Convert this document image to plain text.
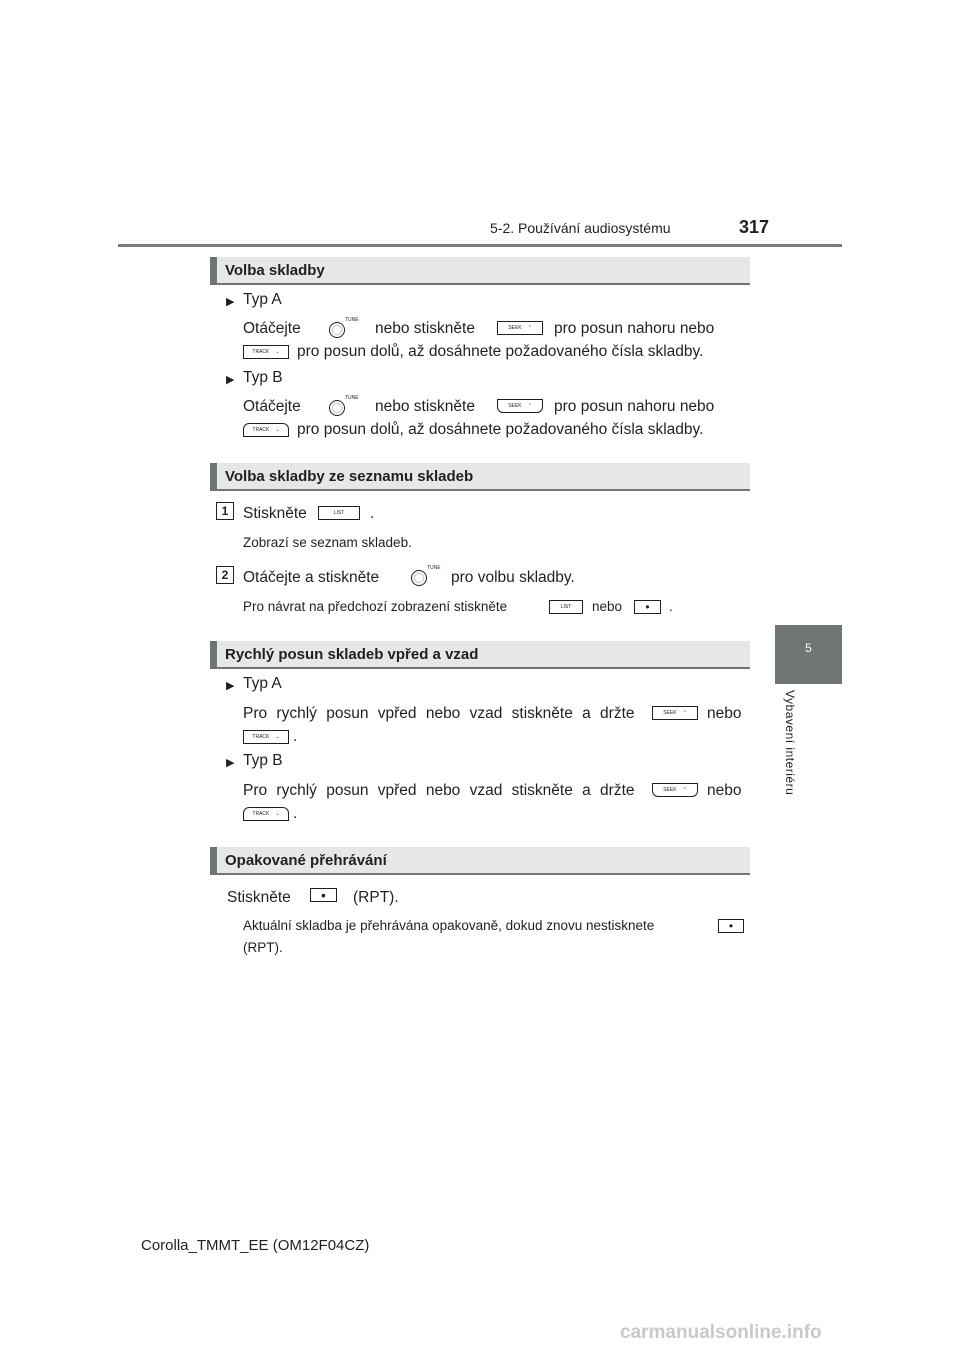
5-2. Používání audiosystému	317
5
Vybavení interiéru
Volba skladby
▶ Typ A
Otáčejte	TUNE nebo stiskněte	SEEK ⌃ pro posun nahoru nebo
TRACK ⌄ pro posun dolů, až dosáhnete požadovaného čísla skladby.
▶ Typ B
Otáčejte	TUNE nebo stiskněte	SEEK ⌃ pro posun nahoru nebo
TRACK ⌄ pro posun dolů, až dosáhnete požadovaného čísla skladby.
Volba skladby ze seznamu skladeb
1 Stiskněte	LIST .
Zobrazí se seznam skladeb.
2 Otáčejte a stiskněte
TUNE
pro volbu skladby.
Pro návrat na předchozí zobrazení stiskněte	LIST nebo • .
Rychlý posun skladeb vpřed a vzad
▶ Typ A
Pro rychlý posun vpřed nebo vzad stiskněte a držte	SEEK ⌃ nebo
TRACK ⌄ .
▶ Typ B
Pro rychlý posun vpřed nebo vzad stiskněte a držte	SEEK ⌃ nebo
TRACK ⌄ .
Opakované přehrávání
Stiskněte • (RPT).
Aktuální skladba je přehrávána opakovaně, dokud znovu nestisknete	•
(RPT).
Corolla_TMMT_EE (OM12F04CZ)
carmanualsonline.info
